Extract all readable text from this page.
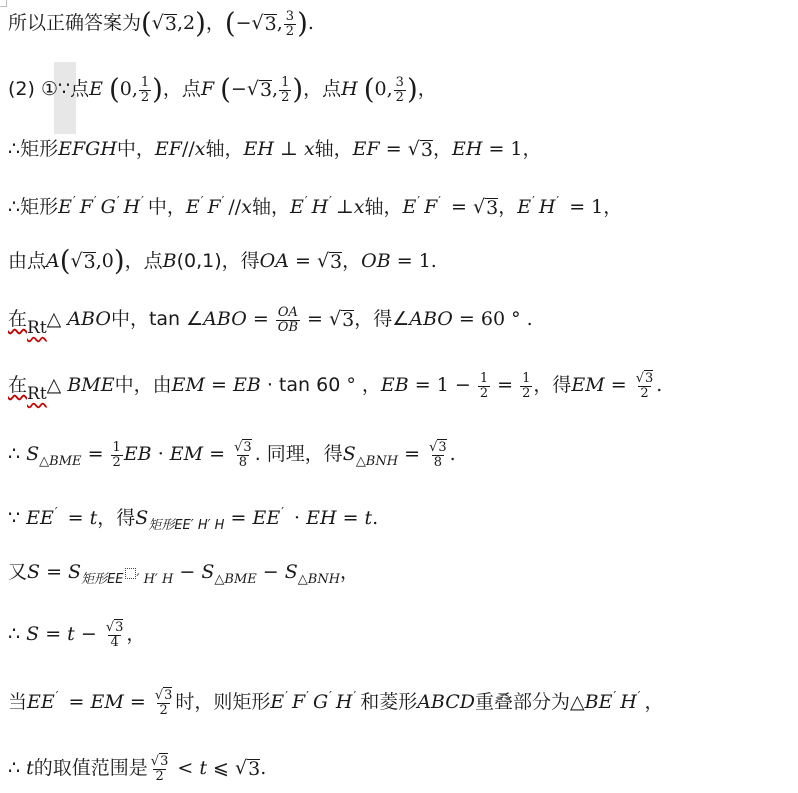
所以正确答案为( √ 3 ,2)，(− √ 3 , $\frac{3}{2}$ ).
(2) ①∵点E (0, $\frac{1}{2}$ )，点F (− √ 3 , $\frac{1}{2}$ )，点H (0, $\frac{3}{2}$ )，
∴矩形EFGH中，EF//x轴，EH ⊥ x轴，EF = √ 3 ，EH = 1，
∴矩形E′ F′ G′ H′ 中，E′ F′ //x轴，E′ H′ ⊥x轴，E′ F′ = √ 3 ，E′ H′ = 1，
由点A( √ 3 ,0)，点B(0,1)，得OA = √ 3 ，OB = 1.
在Rt△ ABO中，tan ∠ABO = $\frac{OA}{OB}$ = √ 3 ，得∠ABO = 60 ° .
在Rt△ BME中，由EM = EB · tan 60 ° ，EB = $1 - \frac{1}{2} = \frac{1}{2}$ ，得EM = $\frac{√3}{2}$ .
∴ $S_{\triangle BME} = \frac{1}{2}$ EB · EM = $\frac{√3}{8}$ . 同理，得$S_{\triangle BNH} = \frac{√3}{8}$ .
∵ EE′ = t，得$S_{矩形EE' H' H} = EE'$ · EH = t.
又$S = S_{矩形EE}$ $_{' H' H} - S_{\triangle BME} - S_{\triangle BNH}$，
∴ $S = t - \frac{√3}{4}$ ，
当EE′ = EM = $\frac{√3}{2}$ 时，则矩形E′ F′ G′ H′ 和菱形ABCD重叠部分为△BE′ H′ ，
∴ t的取值范围是 $\frac{√3}{2} < t$ ⩽ √ 3 .
